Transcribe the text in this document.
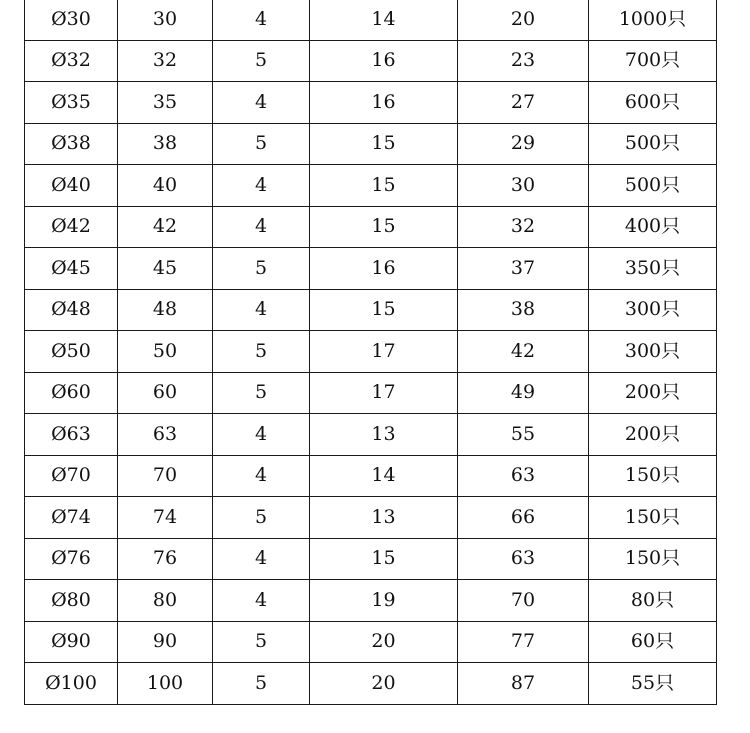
Ø30	30	4	14	20	1000只
Ø32	32	5	16	23	700只
Ø35	35	4	16	27	600只
Ø38	38	5	15	29	500只
Ø40	40	4	15	30	500只
Ø42	42	4	15	32	400只
Ø45	45	5	16	37	350只
Ø48	48	4	15	38	300只
Ø50	50	5	17	42	300只
Ø60	60	5	17	49	200只
Ø63	63	4	13	55	200只
Ø70	70	4	14	63	150只
Ø74	74	5	13	66	150只
Ø76	76	4	15	63	150只
Ø80	80	4	19	70	80只
Ø90	90	5	20	77	60只
Ø100	100	5	20	87	55只
